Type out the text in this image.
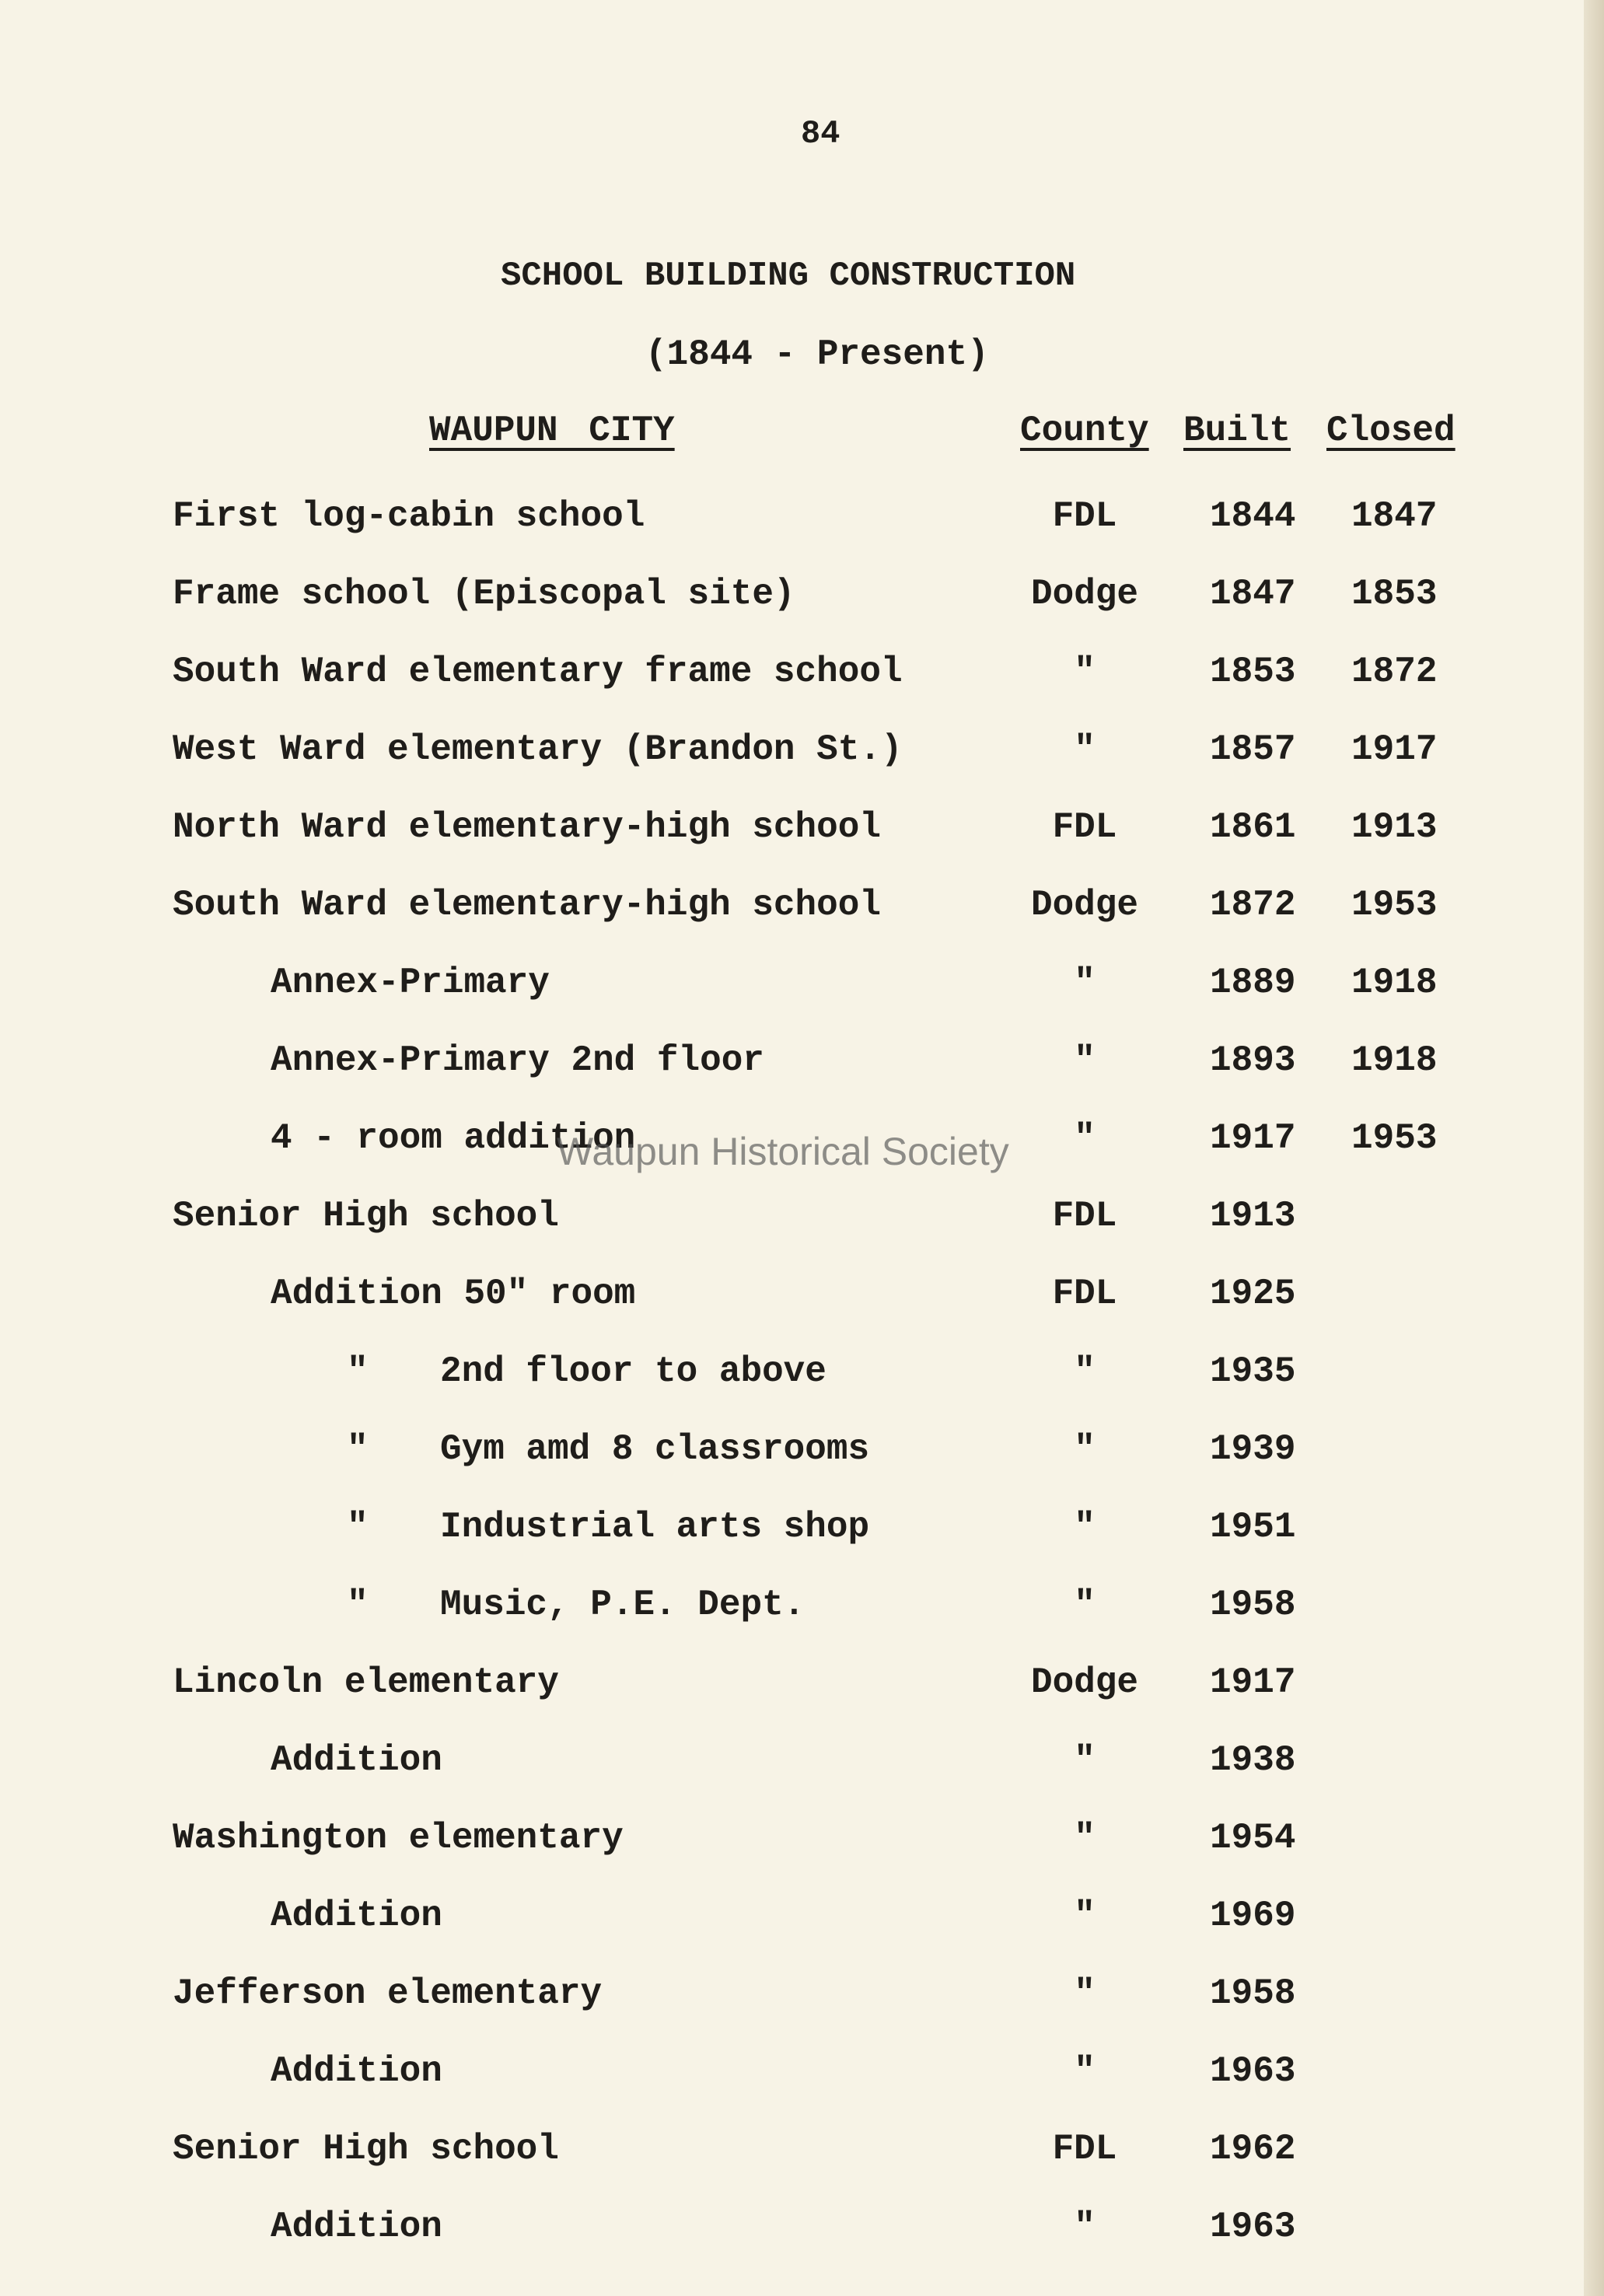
84
SCHOOL BUILDING CONSTRUCTION
(1844 - Present)
WAUPUN CITY	County Built Closed
First log-cabin school	FDL	1844 1847
Frame school (Episcopal site)	Dodge	1847 1853
South Ward elementary frame school	"	1853 1872
West Ward elementary (Brandon St.)	"	1857 1917
North Ward elementary-high school	FDL	1861 1913
South Ward elementary-high school	Dodge	1872 1953
Annex-Primary	"	1889 1918
Annex-Primary 2nd floor	"	1893 1918
4 - room addition	"	1917 1953
Senior High school	FDL	1913
Addition 50" room	FDL	1925
" 2nd floor to above	"	1935
" Gym amd 8 classrooms	"	1939
" Industrial arts shop	"	1951
" Music, P.E. Dept.	"	1958
Lincoln elementary	Dodge	1917
Addition	"	1938
Washington elementary	"	1954
Addition	"	1969
Jefferson elementary	"	1958
Addition	"	1963
Senior High school	FDL	1962
Addition	"	1963
Waupun Historical Society
